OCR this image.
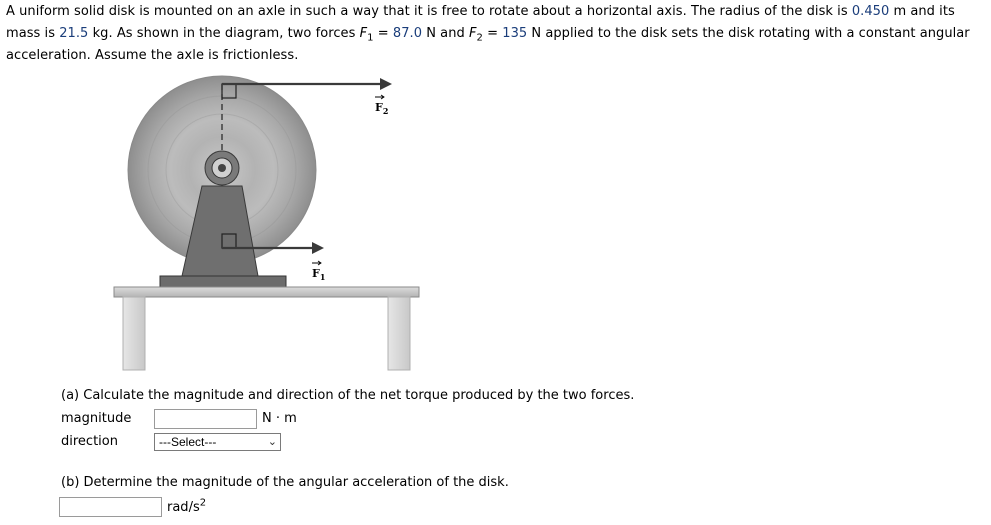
A uniform solid disk is mounted on an axle in such a way that it is free to rotate about a horizontal axis. The radius of the disk is 0.450 m and its mass is 21.5 kg. As shown in the diagram, two forces $F_1 = 87.0$ N and $F_2 = 135$ N applied to the disk sets the disk rotating with a constant angular acceleration. Assume the axle is frictionless.
$F_2$
$F_1$
(a) Calculate the magnitude and direction of the net torque produced by the two forces.
magnitude	N · m
direction	---Select---	⌄
(b) Determine the magnitude of the angular acceleration of the disk.
rad/$s^2$
